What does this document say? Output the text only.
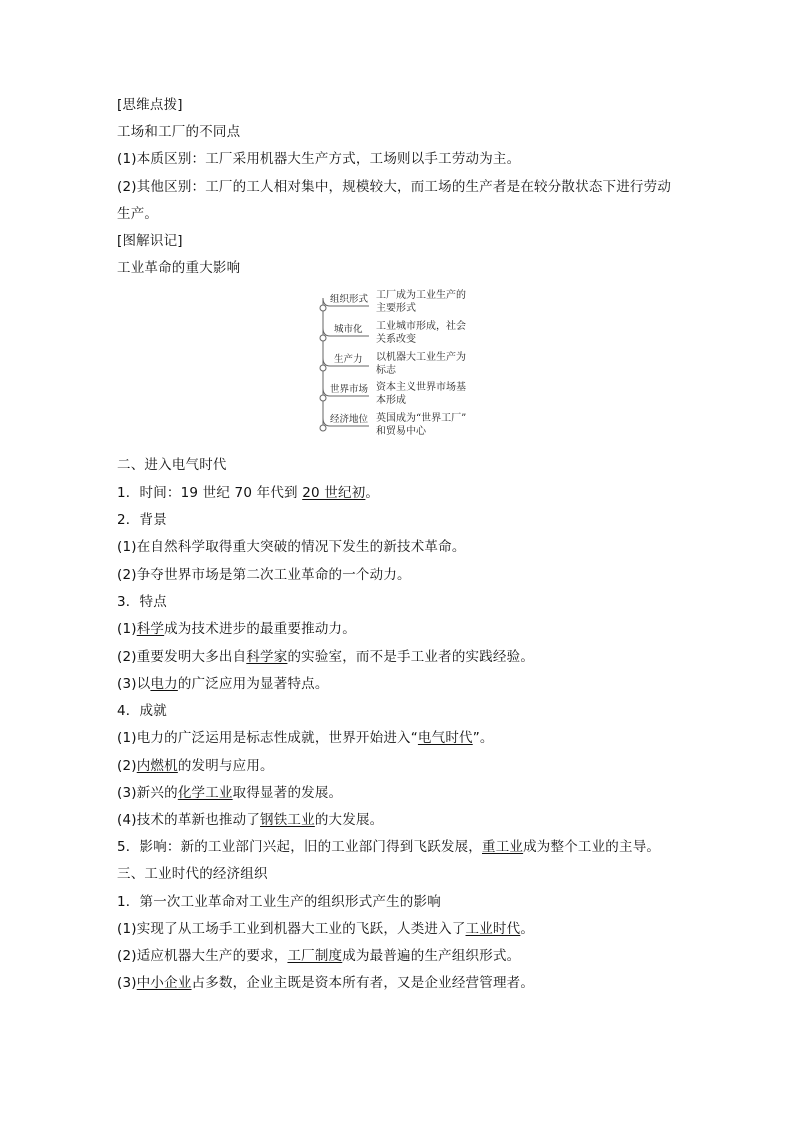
[思维点拨]
工场和工厂的不同点
(1)本质区别：工厂采用机器大生产方式，工场则以手工劳动为主。
(2)其他区别：工厂的工人相对集中，规模较大，而工场的生产者是在较分散状态下进行劳动
生产。
[图解识记]
工业革命的重大影响
组织形式 工厂成为工业生产的
主要形式
城市化 工业城市形成，社会
关系改变
生产力 以机器大工业生产为
标志
世界市场 资本主义世界市场基
本形成
经济地位 英国成为“世界工厂”
和贸易中心
二、进入电气时代
1．时间：19 世纪 70 年代到 20 世纪初。
2．背景
(1)在自然科学取得重大突破的情况下发生的新技术革命。
(2)争夺世界市场是第二次工业革命的一个动力。
3．特点
(1)科学成为技术进步的最重要推动力。
(2)重要发明大多出自科学家的实验室，而不是手工业者的实践经验。
(3)以电力的广泛应用为显著特点。
4．成就
(1)电力的广泛运用是标志性成就，世界开始进入“电气时代”。
(2)内燃机的发明与应用。
(3)新兴的化学工业取得显著的发展。
(4)技术的革新也推动了钢铁工业的大发展。
5．影响：新的工业部门兴起，旧的工业部门得到飞跃发展，重工业成为整个工业的主导。
三、工业时代的经济组织
1．第一次工业革命对工业生产的组织形式产生的影响
(1)实现了从工场手工业到机器大工业的飞跃，人类进入了工业时代。
(2)适应机器大生产的要求，工厂制度成为最普遍的生产组织形式。
(3)中小企业占多数，企业主既是资本所有者，又是企业经营管理者。
